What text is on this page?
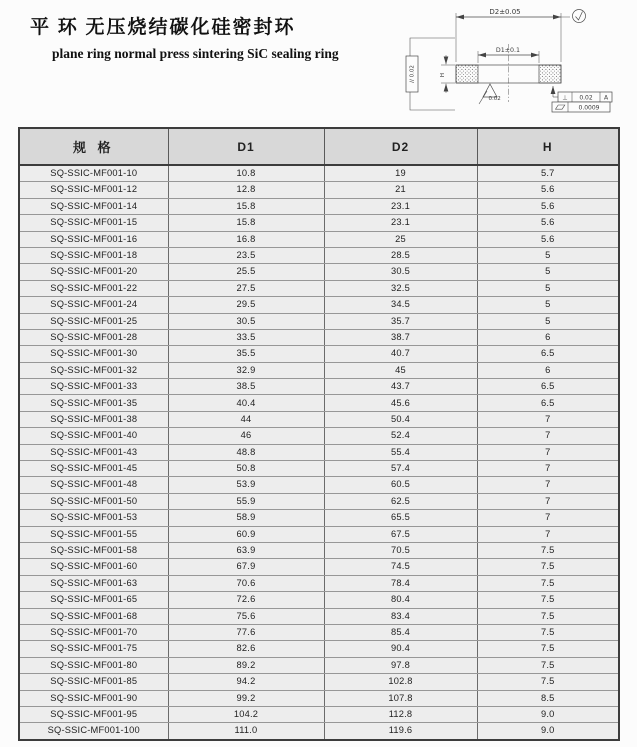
平 环 无压烧结碳化硅密封环
plane ring normal press sintering SiC sealing ring
D2±0.05
D1±0.1
// 0.02	H
0.02	⊥ 0.02 A
0.0009
规 格	D1	D2	H
SQ-SSIC-MF001-10	10.8	19	5.7
SQ-SSIC-MF001-12	12.8	21	5.6
SQ-SSIC-MF001-14	15.8	23.1	5.6
SQ-SSIC-MF001-15	15.8	23.1	5.6
SQ-SSIC-MF001-16	16.8	25	5.6
SQ-SSIC-MF001-18	23.5	28.5	5
SQ-SSIC-MF001-20	25.5	30.5	5
SQ-SSIC-MF001-22	27.5	32.5	5
SQ-SSIC-MF001-24	29.5	34.5	5
SQ-SSIC-MF001-25	30.5	35.7	5
SQ-SSIC-MF001-28	33.5	38.7	6
SQ-SSIC-MF001-30	35.5	40.7	6.5
SQ-SSIC-MF001-32	32.9	45	6
SQ-SSIC-MF001-33	38.5	43.7	6.5
SQ-SSIC-MF001-35	40.4	45.6	6.5
SQ-SSIC-MF001-38	44	50.4	7
SQ-SSIC-MF001-40	46	52.4	7
SQ-SSIC-MF001-43	48.8	55.4	7
SQ-SSIC-MF001-45	50.8	57.4	7
SQ-SSIC-MF001-48	53.9	60.5	7
SQ-SSIC-MF001-50	55.9	62.5	7
SQ-SSIC-MF001-53	58.9	65.5	7
SQ-SSIC-MF001-55	60.9	67.5	7
SQ-SSIC-MF001-58	63.9	70.5	7.5
SQ-SSIC-MF001-60	67.9	74.5	7.5
SQ-SSIC-MF001-63	70.6	78.4	7.5
SQ-SSIC-MF001-65	72.6	80.4	7.5
SQ-SSIC-MF001-68	75.6	83.4	7.5
SQ-SSIC-MF001-70	77.6	85.4	7.5
SQ-SSIC-MF001-75	82.6	90.4	7.5
SQ-SSIC-MF001-80	89.2	97.8	7.5
SQ-SSIC-MF001-85	94.2	102.8	7.5
SQ-SSIC-MF001-90	99.2	107.8	8.5
SQ-SSIC-MF001-95	104.2	112.8	9.0
SQ-SSIC-MF001-100	111.0	119.6	9.0
